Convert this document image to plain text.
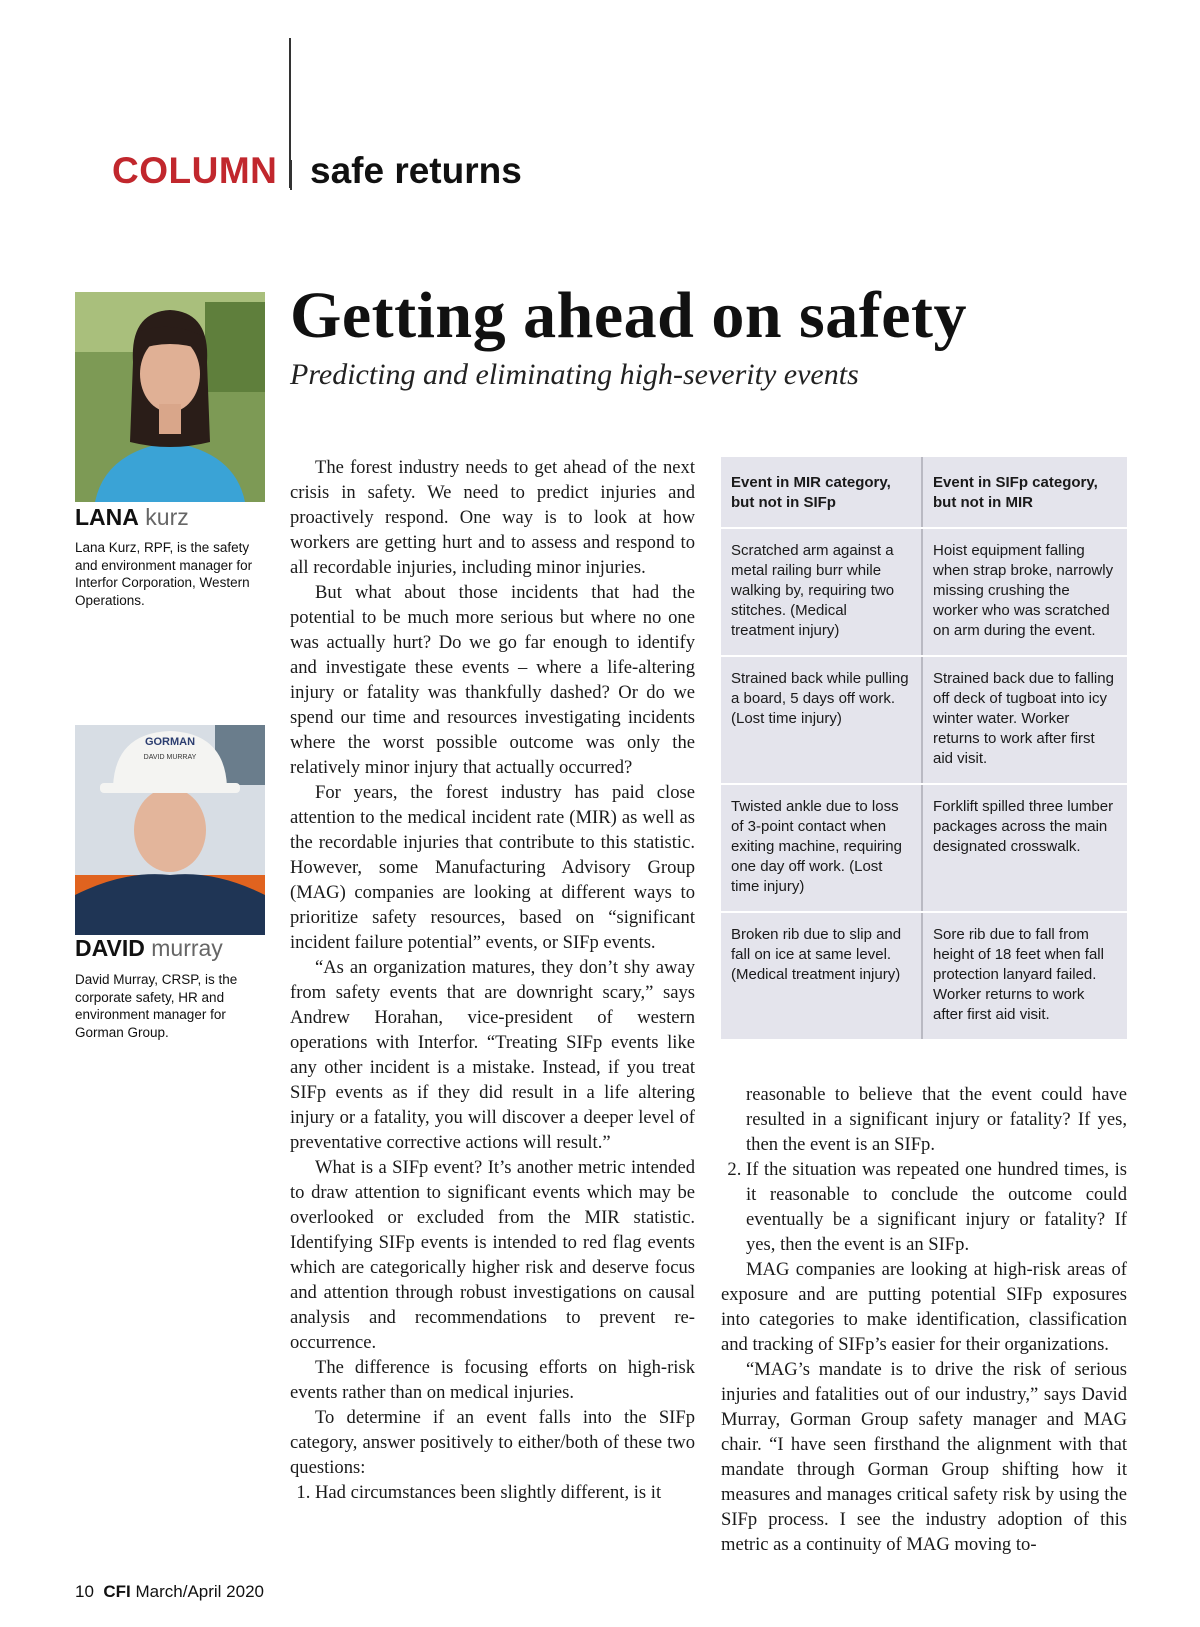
COLUMN safe returns
Getting ahead on safety
Predicting and eliminating high-severity events
LANA kurz
Lana Kurz, RPF, is the safety and environment manager for Interfor Corporation, Western Operations.
GORMAN
DAVID MURRAY
DAVID murray
David Murray, CRSP, is the corporate safety, HR and environment manager for Gorman Group.

The forest industry needs to get ahead of the next crisis in safety. We need to predict injuries and proactively respond. One way is to look at how workers are getting hurt and to assess and respond to all recordable injuries, including minor injuries.

But what about those incidents that had the potential to be much more serious but where no one was actually hurt? Do we go far enough to identify and investigate these events – where a life-altering injury or fatality was thankfully dashed? Or do we spend our time and resources investigating incidents where the worst possible outcome was only the relatively minor injury that actually occurred?

For years, the forest industry has paid close attention to the medical incident rate (MIR) as well as the recordable injuries that contribute to this statistic. However, some Manufacturing Advisory Group (MAG) companies are looking at different ways to prioritize safety resources, based on “significant incident failure potential” events, or SIFp events.

“As an organization matures, they don’t shy away from safety events that are downright scary,” says Andrew Horahan, vice-president of western operations with Interfor. “Treating SIFp events like any other incident is a mistake. Instead, if you treat SIFp events as if they did result in a life altering injury or a fatality, you will discover a deeper level of preventative corrective actions will result.”

What is a SIFp event? It’s another metric intended to draw attention to significant events which may be overlooked or excluded from the MIR statistic. Identifying SIFp events is intended to red flag events which are categorically higher risk and deserve focus and attention through robust investigations on causal analysis and recommendations to prevent re-occurrence.

The difference is focusing efforts on high-risk events rather than on medical injuries.

To determine if an event falls into the SIFp category, answer positively to either/both of these two questions:

1. Had circumstances been slightly different, is it
Event in MIR category, but not in SIFp	Event in SIFp category, but not in MIR
Scratched arm against a metal railing burr while walking by, requiring two stitches. (Medical treatment injury)	Hoist equipment falling when strap broke, narrowly missing crushing the worker who was scratched on arm during the event.
Strained back while pulling a board, 5 days off work. (Lost time injury)	Strained back due to falling off deck of tugboat into icy winter water. Worker returns to work after first aid visit.
Twisted ankle due to loss of 3-point contact when exiting machine, requiring one day off work. (Lost time injury)	Forklift spilled three lumber packages across the main designated crosswalk.
Broken rib due to slip and fall on ice at same level. (Medical treatment injury)	Sore rib due to fall from height of 18 feet when fall protection lanyard failed. Worker returns to work after first aid visit.

reasonable to believe that the event could have resulted in a significant injury or fatality? If yes, then the event is an SIFp.

2. If the situation was repeated one hundred times, is it reasonable to conclude the outcome could eventually be a significant injury or fatality? If yes, then the event is an SIFp.

MAG companies are looking at high-risk areas of exposure and are putting potential SIFp exposures into categories to make identification, classification and tracking of SIFp’s easier for their organizations.

“MAG’s mandate is to drive the risk of serious injuries and fatalities out of our industry,” says David Murray, Gorman Group safety manager and MAG chair. “I have seen firsthand the alignment with that mandate through Gorman Group shifting how it measures and manages critical safety risk by using the SIFp process. I see the industry adoption of this metric as a continuity of MAG moving to-

10 CFI March/April 2020
